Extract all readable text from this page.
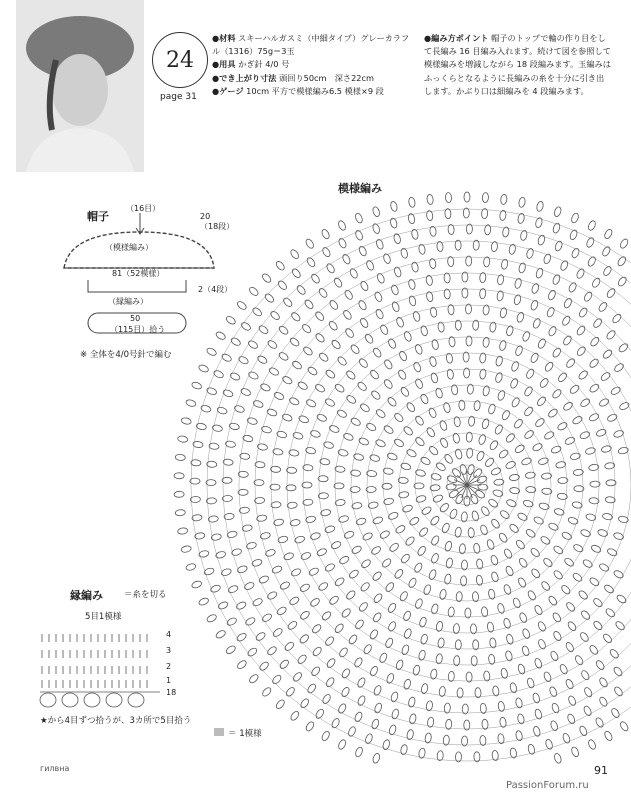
24
page 31
●材料 スキーハルガスミ（中細タイプ）グレーカラフル（1316）75g＝3玉
●用具 かぎ針 4/0 号
●でき上がり寸法 頭回り50cm　深さ22cm
●ゲージ 10cm 平方で模様編み6.5 模様×9 段
●編み方ポイント 帽子のトップで輪の作り目をして長編み 16 目編み入れます。続けて図を参照して模様編みを増減しながら 18 段編みます。玉編みはふっくらとなるように長編みの糸を十分に引き出します。かぶり口は細編みを 4 段編みます。
模様編み
帽子
（16目）
（模様編み）
20
（18段）
81（52模様）
（縁編み）
2（4段）
50
（115目）拾う
※ 全体を4/0号針で編む
縁編み ＝糸を切る
5目1模様
4
3
2
1
18
★から4目ずつ拾うが、3カ所で5目拾う
＝ 1模様
гилвна	91
PassionForum.ru
